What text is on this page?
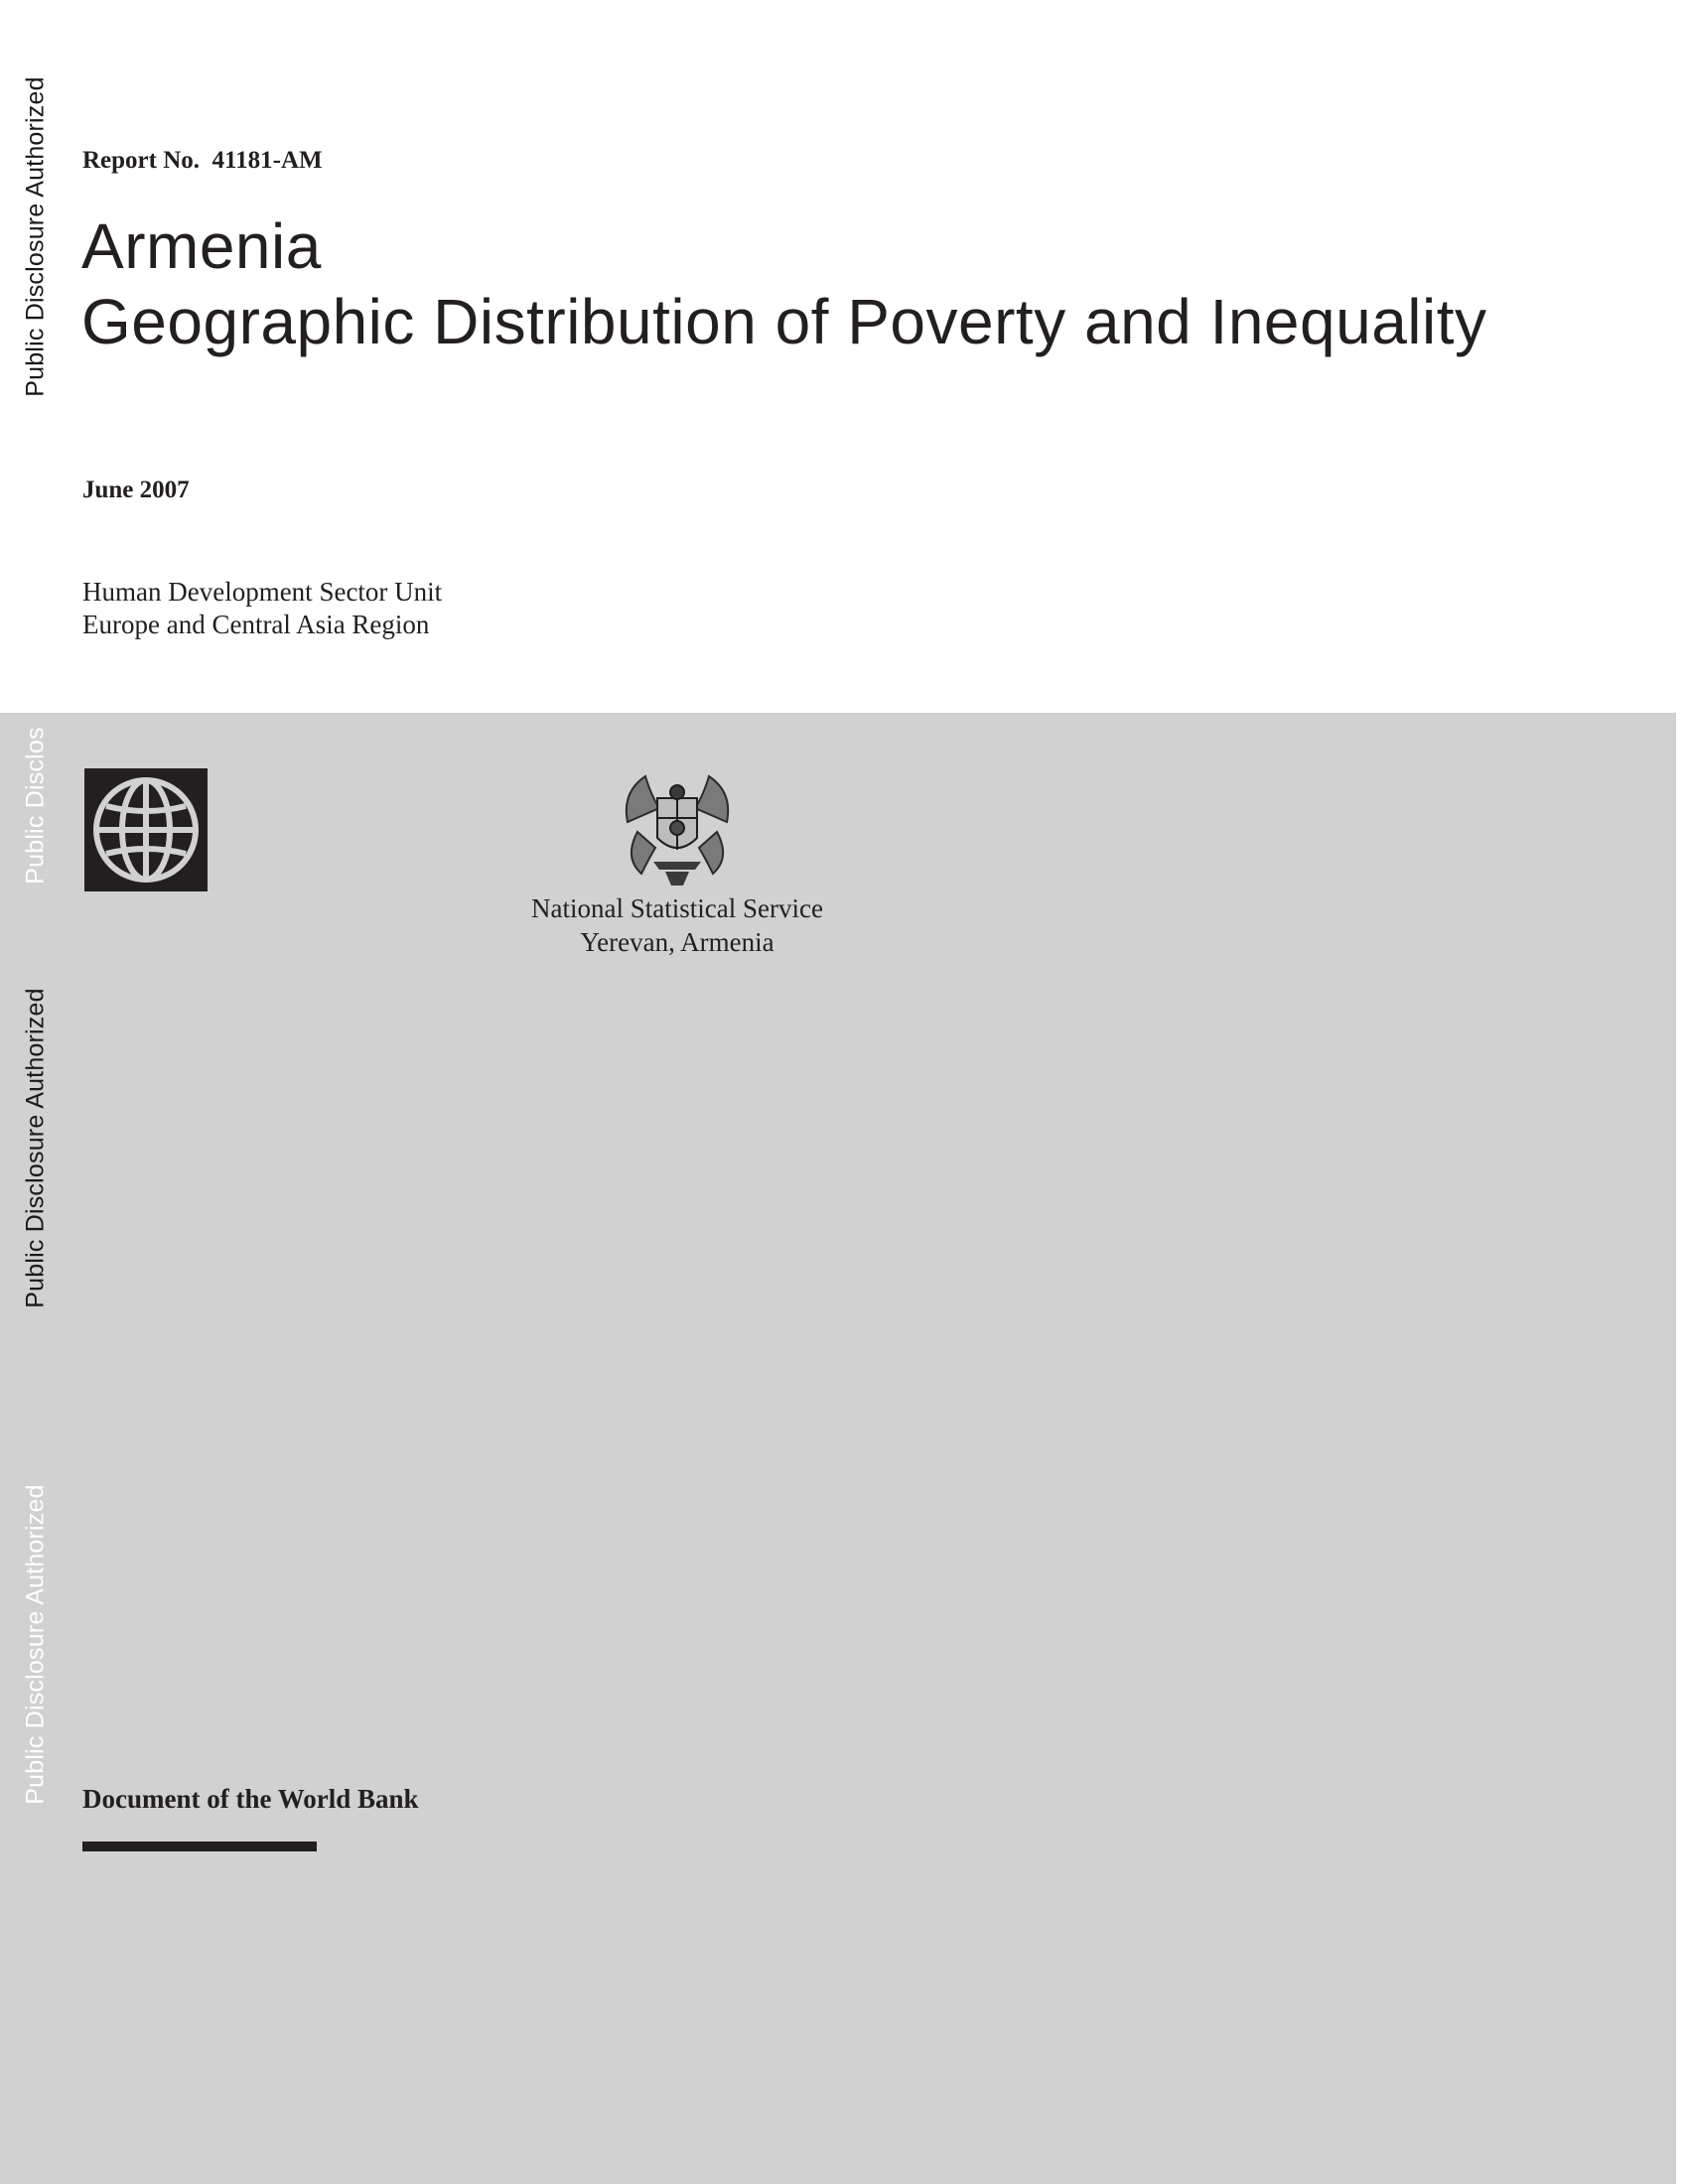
Public Disclosure Authorized
Public Disclos
Public Disclosure Authorized
Public Disclosure Authorized
Report No.  41181-AM
Armenia
Geographic Distribution of Poverty and Inequality
June 2007
Human Development Sector Unit
Europe and Central Asia Region
National Statistical Service
Yerevan, Armenia
Document of the World Bank
